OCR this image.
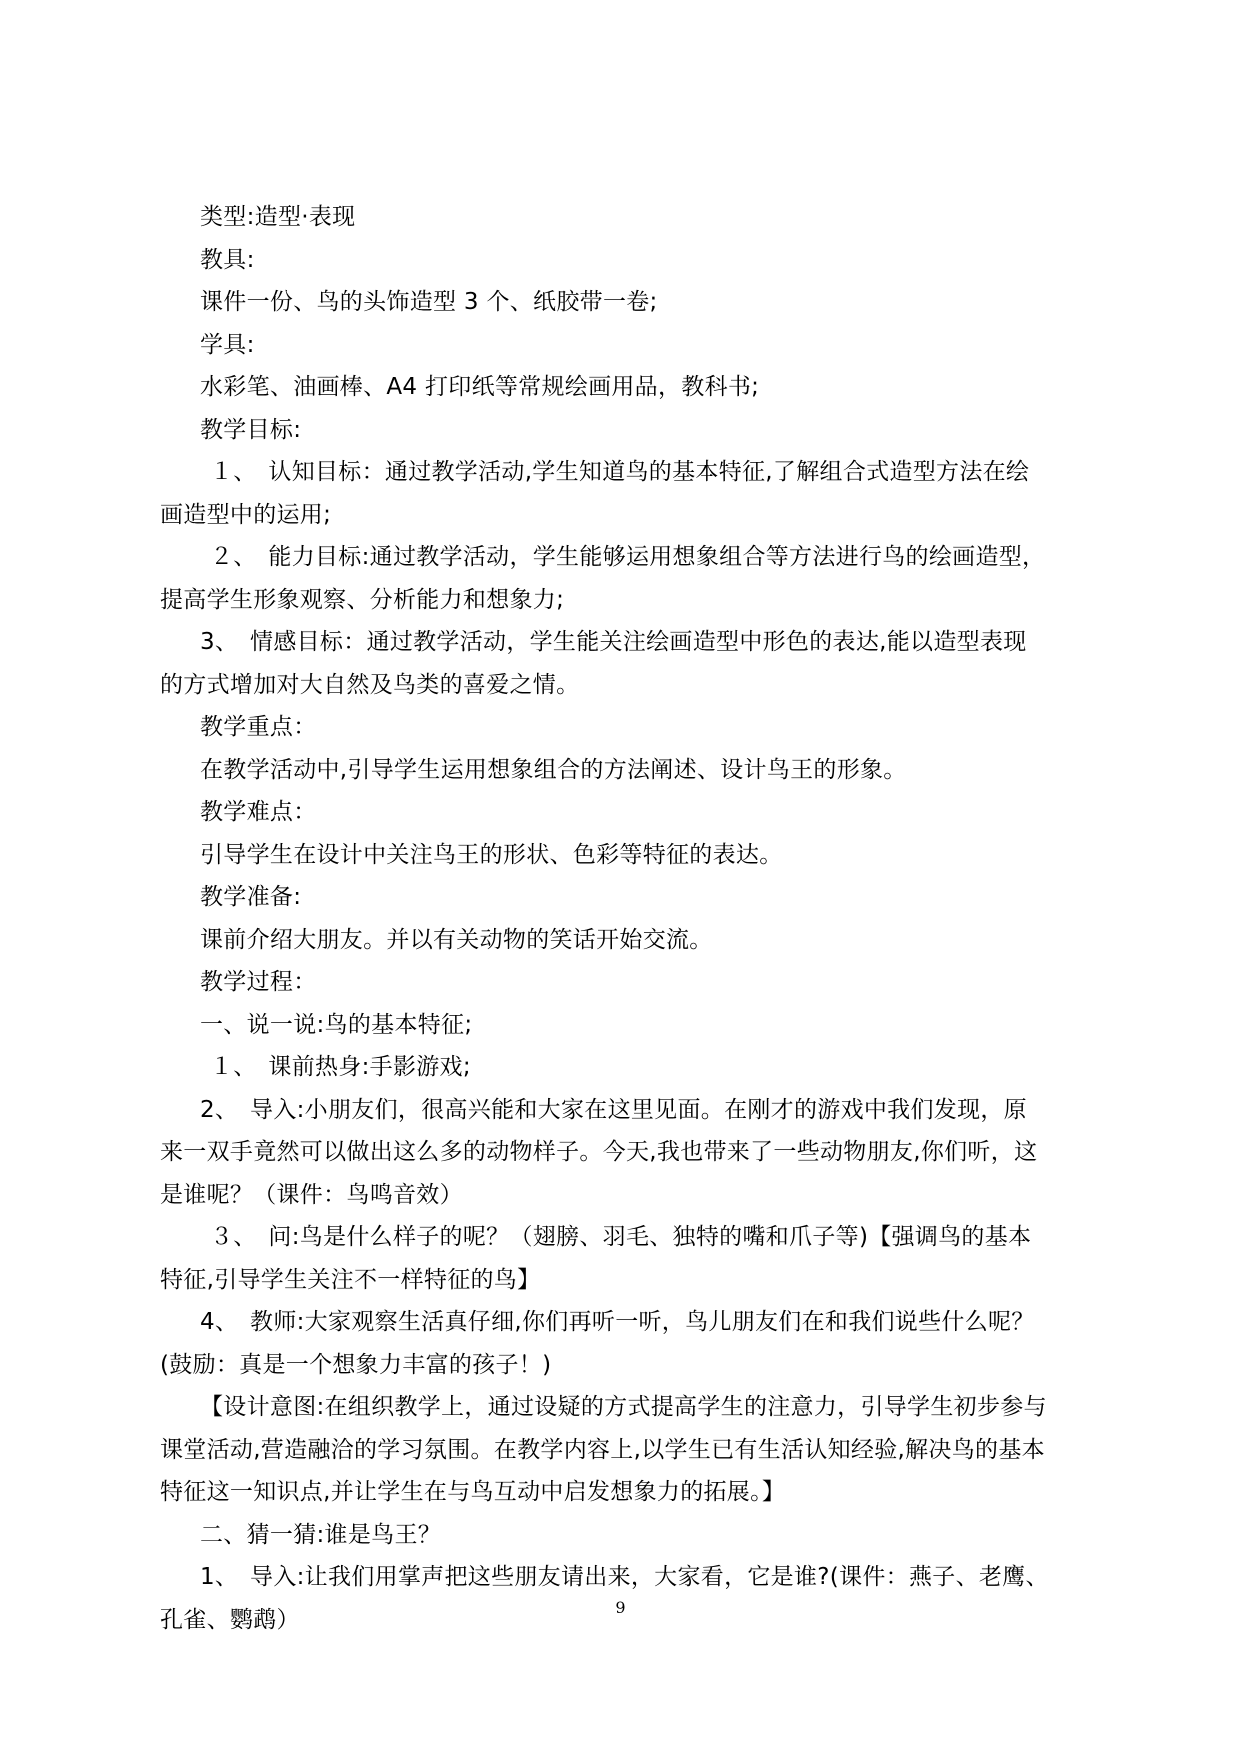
类型:造型·表现
教具:
课件一份、鸟的头饰造型 3 个、纸胶带一卷;
学具:
水彩笔、油画棒、A4 打印纸等常规绘画用品，教科书;
教学目标:
１、　认知目标：通过教学活动,学生知道鸟的基本特征,了解组合式造型方法在绘
画造型中的运用;
２、　能力目标:通过教学活动，学生能够运用想象组合等方法进行鸟的绘画造型，
提高学生形象观察、分析能力和想象力;
3、　情感目标：通过教学活动，学生能关注绘画造型中形色的表达,能以造型表现
的方式增加对大自然及鸟类的喜爱之情。
教学重点：
在教学活动中,引导学生运用想象组合的方法阐述、设计鸟王的形象。
教学难点：
引导学生在设计中关注鸟王的形状、色彩等特征的表达。
教学准备:
课前介绍大朋友。并以有关动物的笑话开始交流。
教学过程：
一、说一说:鸟的基本特征;
１、　课前热身:手影游戏;
2、　导入:小朋友们，很高兴能和大家在这里见面。在刚才的游戏中我们发现，原
来一双手竟然可以做出这么多的动物样子。今天,我也带来了一些动物朋友,你们听，这
是谁呢？（课件：鸟鸣音效）
３、　问:鸟是什么样子的呢？（翅膀、羽毛、独特的嘴和爪子等)【强调鸟的基本
特征,引导学生关注不一样特征的鸟】
4、　教师:大家观察生活真仔细,你们再听一听，鸟儿朋友们在和我们说些什么呢？
(鼓励：真是一个想象力丰富的孩子！)
【设计意图:在组织教学上，通过设疑的方式提高学生的注意力，引导学生初步参与
课堂活动,营造融洽的学习氛围。在教学内容上,以学生已有生活认知经验,解决鸟的基本
特征这一知识点,并让学生在与鸟互动中启发想象力的拓展。】
二、猜一猜:谁是鸟王？
1、　导入:让我们用掌声把这些朋友请出来，大家看，它是谁?(课件：燕子、老鹰、
孔雀、鹦鹉）	9
